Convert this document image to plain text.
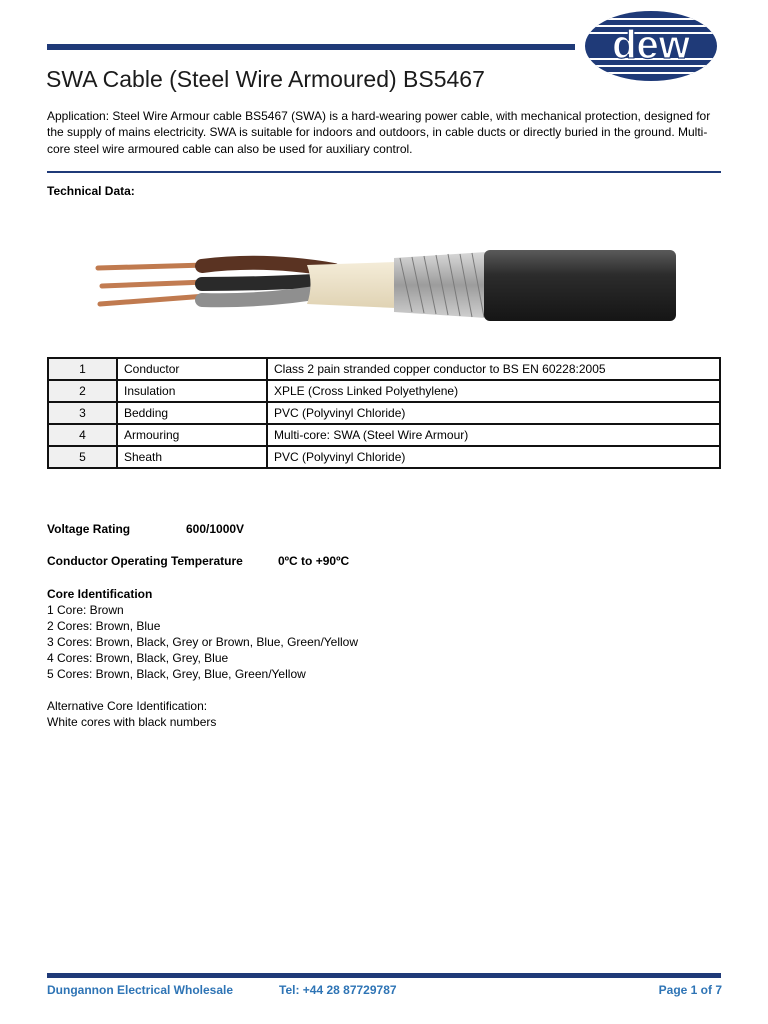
dew
SWA Cable (Steel Wire Armoured) BS5467
Application: Steel Wire Armour cable BS5467 (SWA) is a hard-wearing power cable, with mechanical protection, designed for the supply of mains electricity. SWA is suitable for indoors and outdoors, in cable ducts or directly buried in the ground. Multi-core steel wire armoured cable can also be used for auxiliary control.
Technical Data:
1	Conductor	Class 2 pain stranded copper conductor to BS EN 60228:2005
2	Insulation	XPLE (Cross Linked Polyethylene)
3	Bedding	PVC (Polyvinyl Chloride)
4	Armouring	Multi-core: SWA (Steel Wire Armour)
5	Sheath	PVC (Polyvinyl Chloride)
Voltage Rating	600/1000V
Conductor Operating Temperature	0ºC to +90ºC
Core Identification
1 Core: Brown
2 Cores: Brown, Blue
3 Cores: Brown, Black, Grey or Brown, Blue, Green/Yellow
4 Cores: Brown, Black, Grey, Blue
5 Cores: Brown, Black, Grey, Blue, Green/Yellow
Alternative Core Identification:
White cores with black numbers
Dungannon Electrical Wholesale	Tel: +44 28 87729787	Page 1 of 7
